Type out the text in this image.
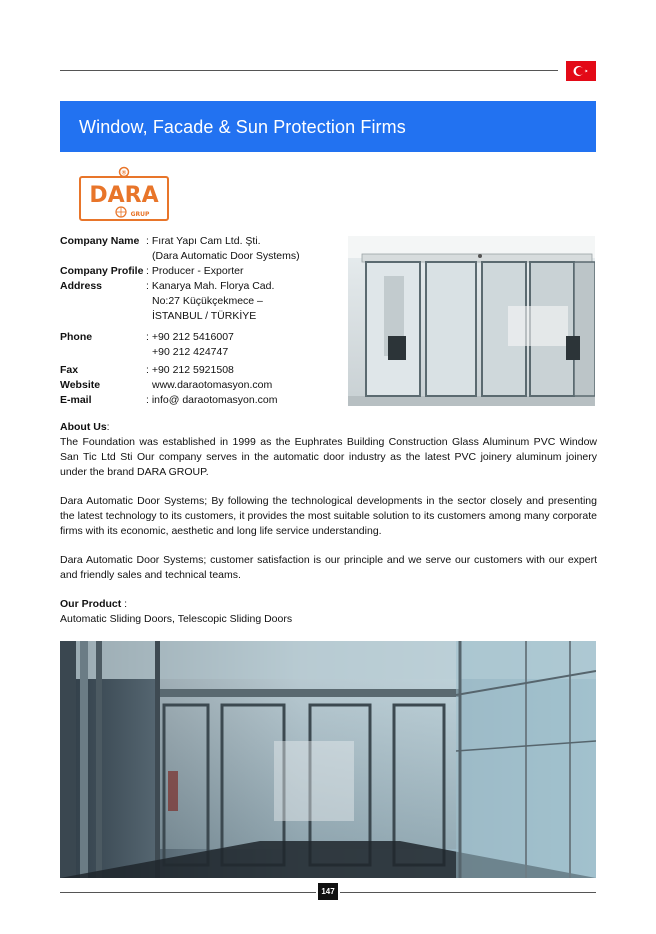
Window, Facade & Sun Protection Firms
®
DARA
GRUP
Company Name : Fırat Yapı Cam Ltd. Şti.
(Dara Automatic Door Systems)
Company Profile : Producer - Exporter
Address	: Kanarya Mah. Florya Cad.
No:27 Küçükçekmece –
İSTANBUL / TÜRKİYE
Phone	: +90 212 5416007
+90 212 424747
Fax	: +90 212 5921508
Website	www.daraotomasyon.com
E-mail	: info@ daraotomasyon.com
About Us:

The Foundation was established in 1999 as the Euphrates Building Construction Glass Aluminum PVC Window San Tic Ltd Sti Our company serves in the automatic door industry as the latest PVC joinery aluminum joinery under the brand DARA GROUP.

Dara Automatic Door Systems; By following the technological developments in the sector closely and presenting the latest technology to its customers, it provides the most suitable solution to its customers among many corporate firms with its economic, aesthetic and long life service understanding.

Dara Automatic Door Systems; customer satisfaction is our principle and we serve our customers with our expert and friendly sales and technical teams.

Our Product :
Automatic Sliding Doors, Telescopic Sliding Doors
147
